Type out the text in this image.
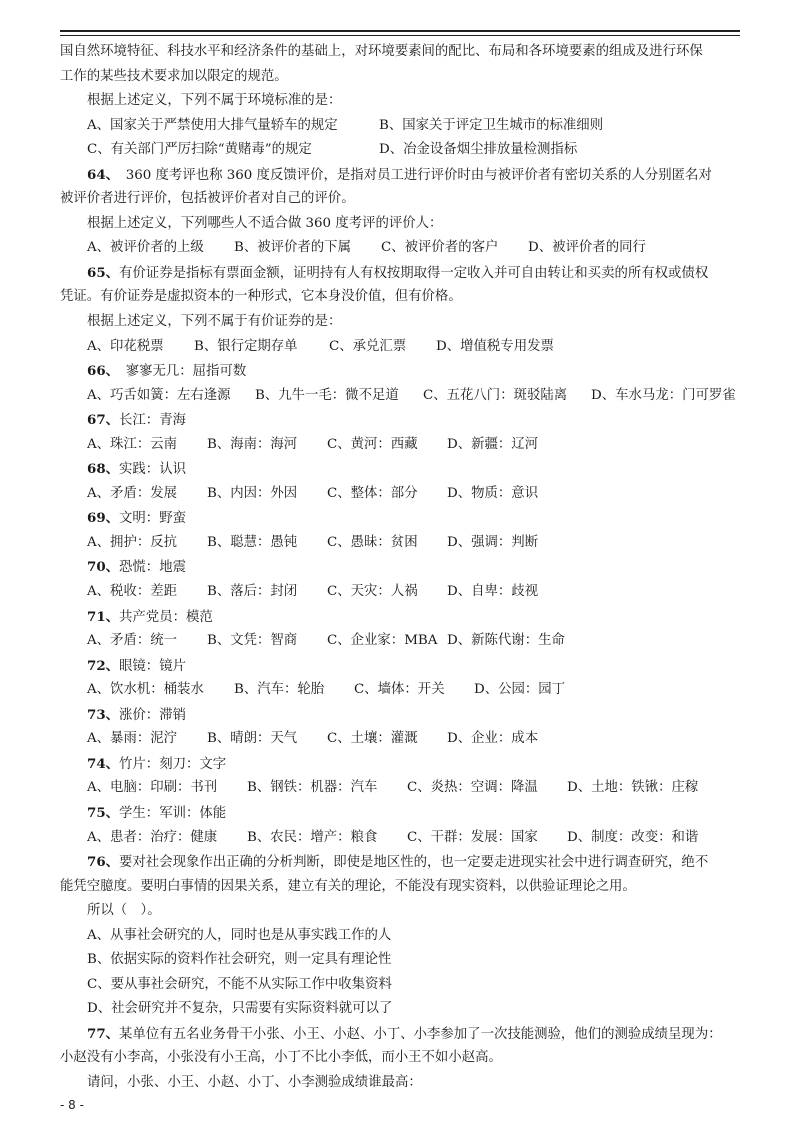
国自然环境特征、科技水平和经济条件的基础上，对环境要素间的配比、布局和各环境要素的组成及进行环保
工作的某些技术要求加以限定的规范。
根据上述定义，下列不属于环境标准的是：
A、国家关于严禁使用大排气量轿车的规定	B、国家关于评定卫生城市的标准细则
C、有关部门严厉扫除“黄赌毒”的规定	D、冶金设备烟尘排放量检测指标
64、　360 度考评也称 360 度反馈评价，是指对员工进行评价时由与被评价者有密切关系的人分别匿名对
被评价者进行评价，包括被评价者对自己的评价。
根据上述定义，下列哪些人不适合做 360 度考评的评价人：
A、被评价者的上级 B、被评价者的下属 C、被评价者的客户 D、被评价者的同行
65、有价证券是指标有票面金额，证明持有人有权按期取得一定收入并可自由转让和买卖的所有权或债权
凭证。有价证券是虚拟资本的一种形式，它本身没价值，但有价格。
根据上述定义，下列不属于有价证券的是：
A、印花税票 B、银行定期存单 C、承兑汇票 D、增值税专用发票
66、　寥寥无几：屈指可数
A、巧舌如簧：左右逢源 B、九牛一毛：微不足道 C、五花八门：斑驳陆离 D、车水马龙：门可罗雀
67、长江：青海
A、珠江：云南 B、海南：海河 C、黄河：西藏 D、新疆：辽河
68、实践：认识
A、矛盾：发展 B、内因：外因 C、整体：部分 D、物质：意识
69、文明：野蛮
A、拥护：反抗 B、聪慧：愚钝 C、愚昧：贫困 D、强调：判断
70、恐慌：地震
A、税收：差距 B、落后：封闭 C、天灾：人祸 D、自卑：歧视
71、共产党员：模范
A、矛盾：统一 B、文凭：智商 C、企业家：MBA D、新陈代谢：生命
72、眼镜：镜片
A、饮水机：桶装水 B、汽车：轮胎 C、墙体：开关 D、公园：园丁
73、涨价：滞销
A、暴雨：泥泞 B、晴朗：天气 C、土壤：灌溉 D、企业：成本
74、竹片：刻刀：文字
A、电脑：印刷：书刊 B、钢铁：机器：汽车 C、炎热：空调：降温 D、土地：铁锹：庄稼
75、学生：军训：体能
A、患者：治疗：健康 B、农民：增产：粮食 C、干群：发展：国家 D、制度：改变：和谐
76、要对社会现象作出正确的分析判断，即使是地区性的，也一定要走进现实社会中进行调查研究，绝不
能凭空臆度。要明白事情的因果关系，建立有关的理论，不能没有现实资料，以供验证理论之用。
所以（　）。
A、从事社会研究的人，同时也是从事实践工作的人
B、依据实际的资料作社会研究，则一定具有理论性
C、要从事社会研究，不能不从实际工作中收集资料
D、社会研究并不复杂，只需要有实际资料就可以了
77、某单位有五名业务骨干小张、小王、小赵、小丁、小李参加了一次技能测验，他们的测验成绩呈现为：
小赵没有小李高，小张没有小王高，小丁不比小李低，而小王不如小赵高。
请问，小张、小王、小赵、小丁、小李测验成绩谁最高：
- 8 -
